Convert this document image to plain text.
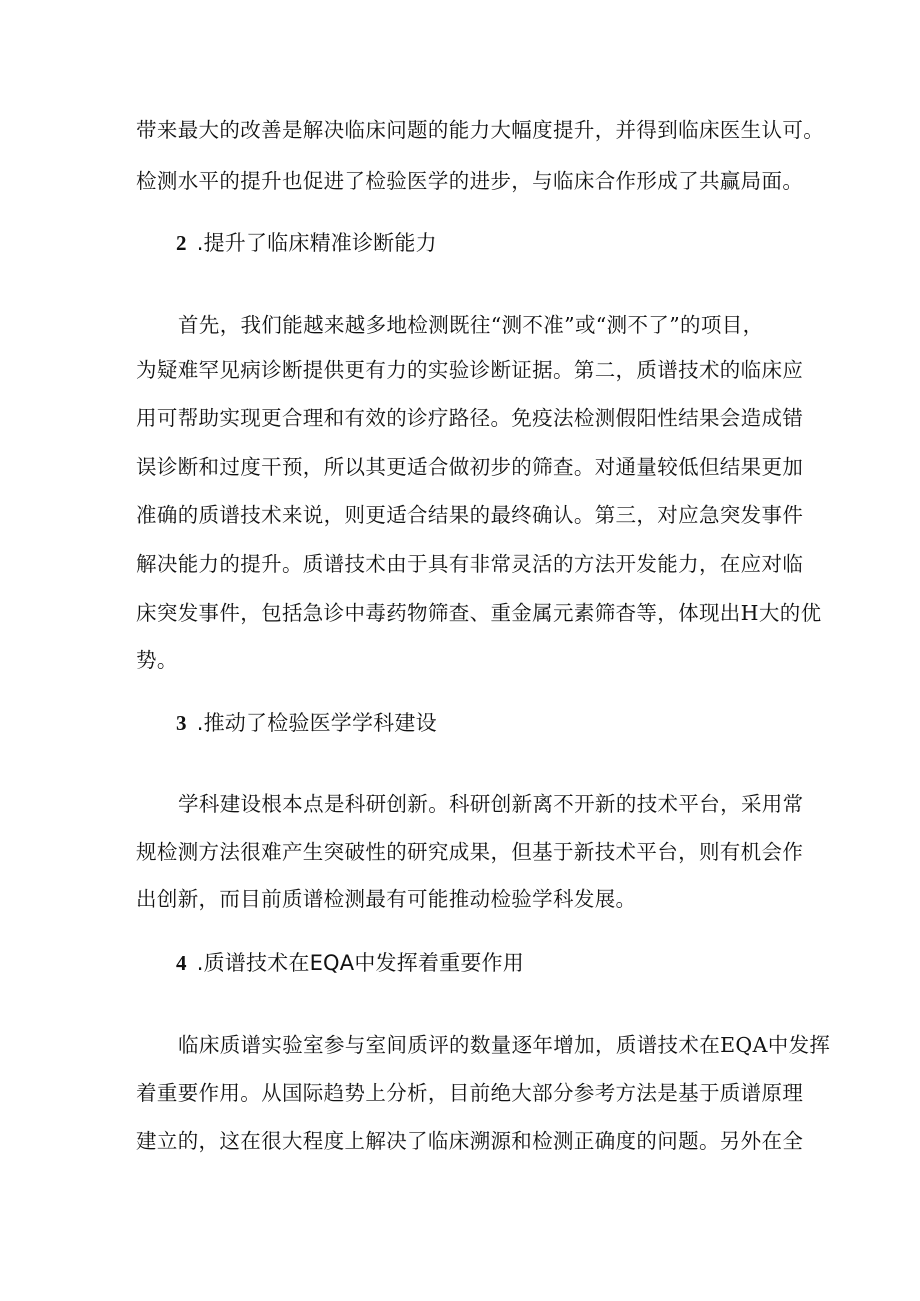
带来最大的改善是解决临床问题的能力大幅度提升，并得到临床医生认可。
检测水平的提升也促进了检验医学的进步，与临床合作形成了共赢局面。
2 .提升了临床精准诊断能力
首先，我们能越来越多地检测既往“测不准”或“测不了”的项目，
为疑难罕见病诊断提供更有力的实验诊断证据。第二，质谱技术的临床应
用可帮助实现更合理和有效的诊疗路径。免疫法检测假阳性结果会造成错
误诊断和过度干预，所以其更适合做初步的筛查。对通量较低但结果更加
准确的质谱技术来说，则更适合结果的最终确认。第三，对应急突发事件
解决能力的提升。质谱技术由于具有非常灵活的方法开发能力，在应对临
床突发事件，包括急诊中毒药物筛查、重金属元素筛杳等，体现出H大的优
势。
3 .推动了检验医学学科建设
学科建设根本点是科研创新。科研创新离不开新的技术平台，采用常
规检测方法很难产生突破性的研究成果，但基于新技术平台，则有机会作
出创新，而目前质谱检测最有可能推动检验学科发展。
4 .质谱技术在EQA中发挥着重要作用
临床质谱实验室参与室间质评的数量逐年增加，质谱技术在EQA中发挥
着重要作用。从国际趋势上分析，目前绝大部分参考方法是基于质谱原理
建立的，这在很大程度上解决了临床溯源和检测正确度的问题。另外在全
